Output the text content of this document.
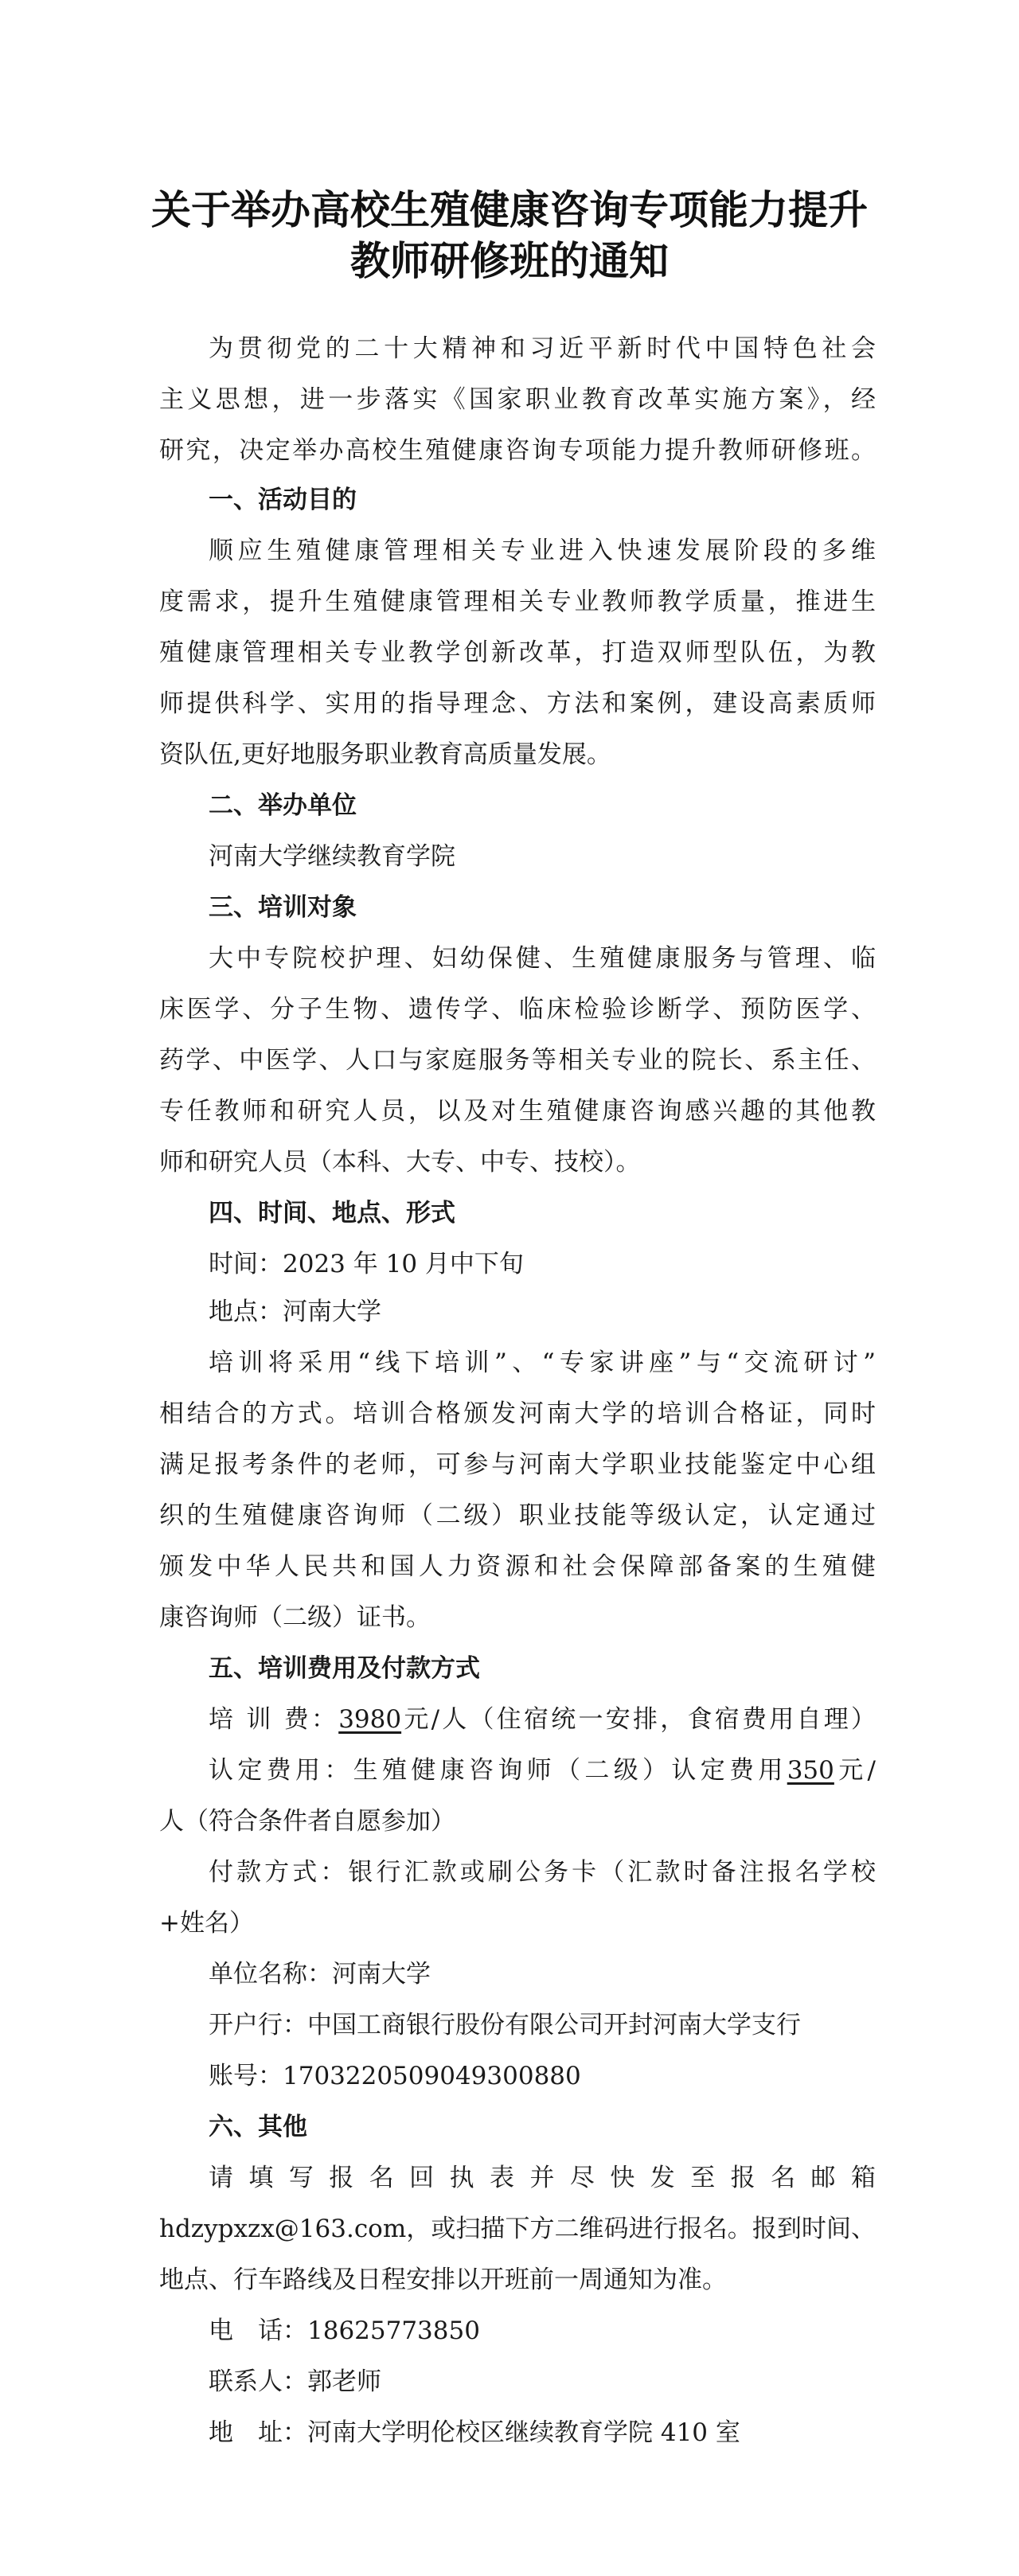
关于举办高校生殖健康咨询专项能力提升
教师研修班的通知
为贯彻党的二十大精神和习近平新时代中国特色社会
主义思想，进一步落实《国家职业教育改革实施方案》，经
研究，决定举办高校生殖健康咨询专项能力提升教师研修班。
一、活动目的
顺应生殖健康管理相关专业进入快速发展阶段的多维
度需求，提升生殖健康管理相关专业教师教学质量，推进生
殖健康管理相关专业教学创新改革，打造双师型队伍，为教
师提供科学、实用的指导理念、方法和案例，建设高素质师
资队伍,更好地服务职业教育高质量发展。
二、举办单位
河南大学继续教育学院
三、培训对象
大中专院校护理、妇幼保健、生殖健康服务与管理、临
床医学、分子生物、遗传学、临床检验诊断学、预防医学、
药学、中医学、人口与家庭服务等相关专业的院长、系主任、
专任教师和研究人员，以及对生殖健康咨询感兴趣的其他教
师和研究人员（本科、大专、中专、技校）。
四、时间、地点、形式
时间：2023 年 10 月中下旬
地点：河南大学
培训将采用“线下培训”、“专家讲座”与“交流研讨”
相结合的方式。培训合格颁发河南大学的培训合格证，同时
满足报考条件的老师，可参与河南大学职业技能鉴定中心组
织的生殖健康咨询师（二级）职业技能等级认定，认定通过
颁发中华人民共和国人力资源和社会保障部备案的生殖健
康咨询师（二级）证书。
五、培训费用及付款方式
培 训 费：3980元/人（住宿统一安排，食宿费用自理）
认定费用：生殖健康咨询师（二级）认定费用350元/
人（符合条件者自愿参加）
付款方式：银行汇款或刷公务卡（汇款时备注报名学校
+姓名）
单位名称：河南大学
开户行：中国工商银行股份有限公司开封河南大学支行
账号：1703220509049300880
六、其他
请填写报名回执表并尽快发至报名邮箱
hdzypxzx@163.com，或扫描下方二维码进行报名。报到时间、
地点、行车路线及日程安排以开班前一周通知为准。
电　话：18625773850
联系人：郭老师
地　址：河南大学明伦校区继续教育学院 410 室
